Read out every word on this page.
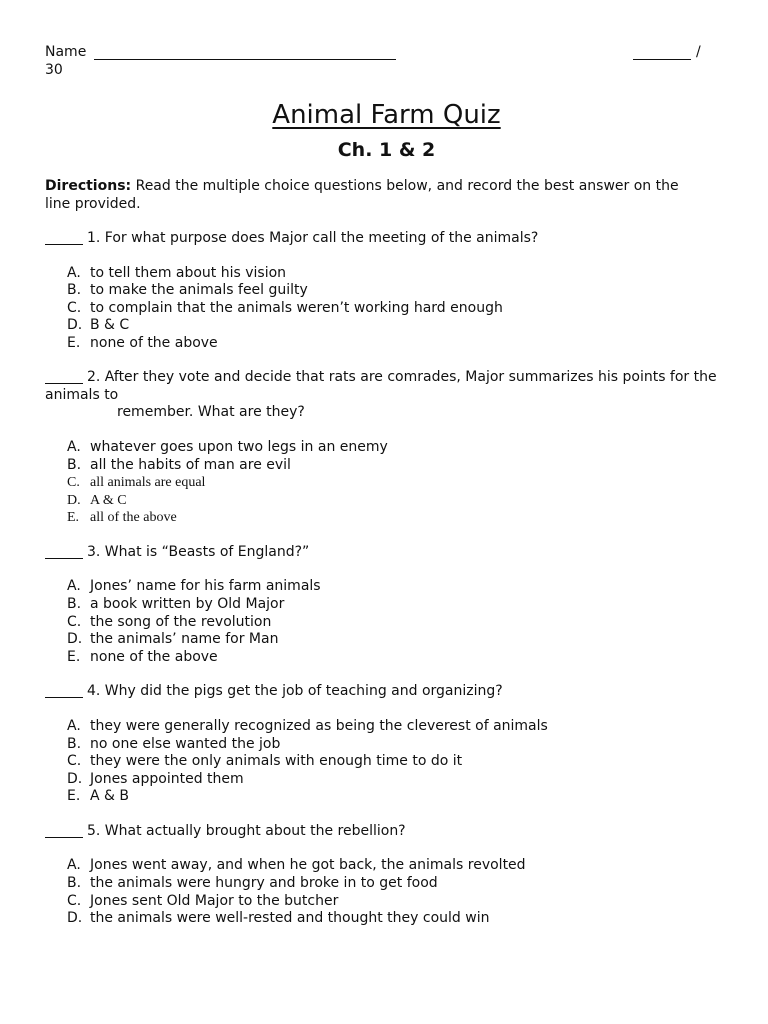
Name	/
30
Animal Farm Quiz
Ch. 1 & 2
Directions: Read the multiple choice questions below, and record the best answer on the line provided.
1. For what purpose does Major call the meeting of the animals?
A. to tell them about his vision
B. to make the animals feel guilty
C. to complain that the animals weren’t working hard enough
D. B & C
E. none of the above
2. After they vote and decide that rats are comrades, Major summarizes his points for the animals to
remember. What are they?
A. whatever goes upon two legs in an enemy
B. all the habits of man are evil
C. all animals are equal
D. A & C
E. all of the above
3. What is “Beasts of England?”
A. Jones’ name for his farm animals
B. a book written by Old Major
C. the song of the revolution
D. the animals’ name for Man
E. none of the above
4. Why did the pigs get the job of teaching and organizing?
A. they were generally recognized as being the cleverest of animals
B. no one else wanted the job
C. they were the only animals with enough time to do it
D. Jones appointed them
E. A & B
5. What actually brought about the rebellion?
A. Jones went away, and when he got back, the animals revolted
B. the animals were hungry and broke in to get food
C. Jones sent Old Major to the butcher
D. the animals were well-rested and thought they could win
